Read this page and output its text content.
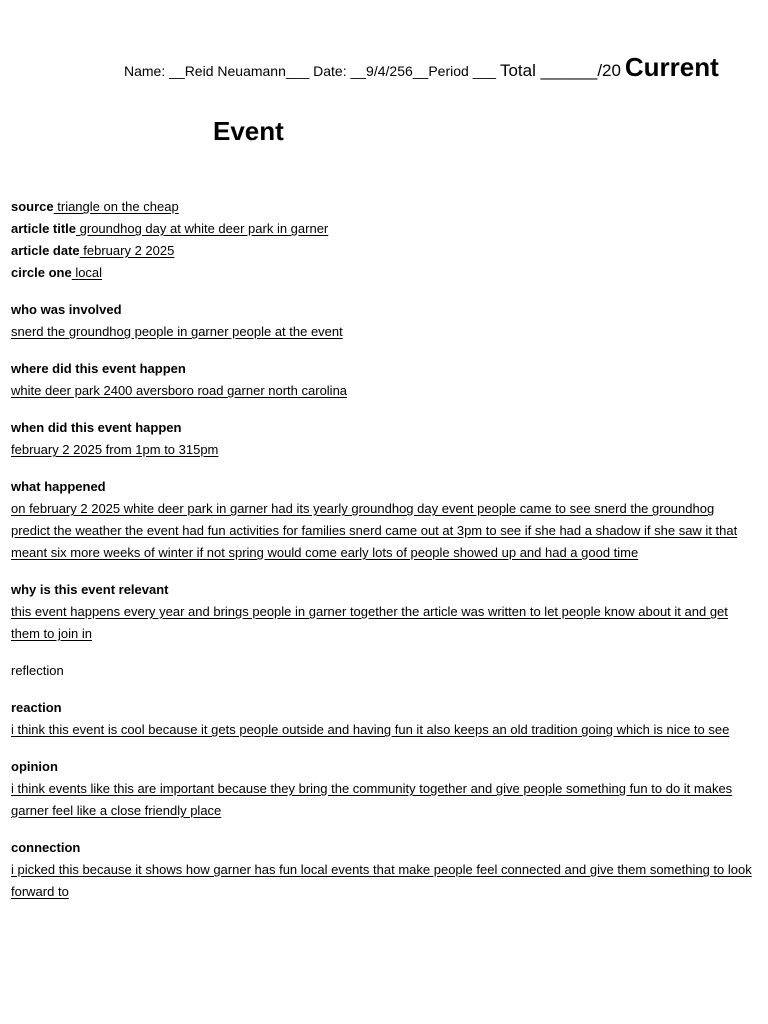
Name: __Reid Neuamann___ Date: __9/4/256__Period ___ Total ______/20 Current
Event
source triangle on the cheap
article title groundhog day at white deer park in garner
article date february 2 2025
circle one local
who was involved
snerd the groundhog people in garner people at the event
where did this event happen
white deer park 2400 aversboro road garner north carolina
when did this event happen
february 2 2025 from 1pm to 315pm
what happened
on february 2 2025 white deer park in garner had its yearly groundhog day event people came to see snerd the groundhog predict the weather the event had fun activities for families snerd came out at 3pm to see if she had a shadow if she saw it that meant six more weeks of winter if not spring would come early lots of people showed up and had a good time
why is this event relevant
this event happens every year and brings people in garner together the article was written to let people know about it and get them to join in
reflection
reaction
i think this event is cool because it gets people outside and having fun it also keeps an old tradition going which is nice to see
opinion
i think events like this are important because they bring the community together and give people something fun to do it makes garner feel like a close friendly place
connection
i picked this because it shows how garner has fun local events that make people feel connected and give them something to look forward to
